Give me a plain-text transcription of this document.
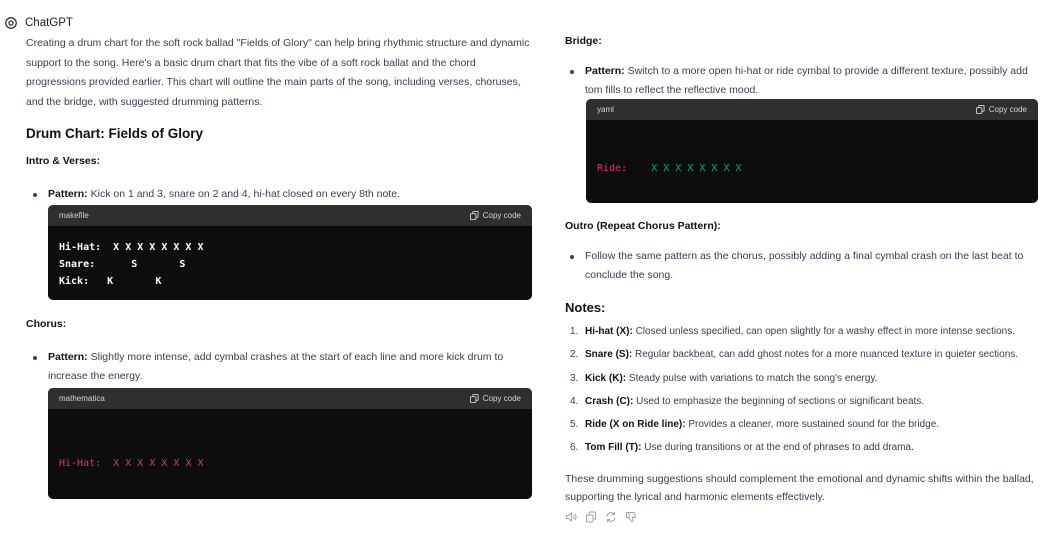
ChatGPT

Creating a drum chart for the soft rock ballad "Fields of Glory" can help bring rhythmic structure and dynamic support to the song. Here's a basic drum chart that fits the vibe of a soft rock ballat and the chord progressions provided earlier. This chart will outline the main parts of the song, including verses, choruses, and the bridge, with suggested drumming patterns.

Drum Chart: Fields of Glory
Intro & Verses:
Pattern: Kick on 1 and 3, snare on 2 and 4, hi-hat closed on every 8th note.
makefile	Copy code
Hi-Hat:  X X X X X X X X
Snare:      S       S
Kick:   K       K
Chorus:
Pattern: Slightly more intense, add cymbal crashes at the start of each line and more kick drum to increase the energy.
mathematica	Copy code

Hi-Hat:  X X X X X X X X

Bridge:
Pattern: Switch to a more open hi-hat or ride cymbal to provide a different texture, possibly add tom fills to reflect the reflective mood.
yaml	Copy code

Ride:    X X X X X X X X

Outro (Repeat Chorus Pattern):
Follow the same pattern as the chorus, possibly adding a final cymbal crash on the last beat to conclude the song.
Notes:
1. Hi-hat (X): Closed unless specified, can open slightly for a washy effect in more intense sections.
2. Snare (S): Regular backbeat, can add ghost notes for a more nuanced texture in quieter sections.
3. Kick (K): Steady pulse with variations to match the song's energy.
4. Crash (C): Used to emphasize the beginning of sections or significant beats.
5. Ride (X on Ride line): Provides a cleaner, more sustained sound for the bridge.
6. Tom Fill (T): Use during transitions or at the end of phrases to add drama.

These drumming suggestions should complement the emotional and dynamic shifts within the ballad, supporting the lyrical and harmonic elements effectively.
